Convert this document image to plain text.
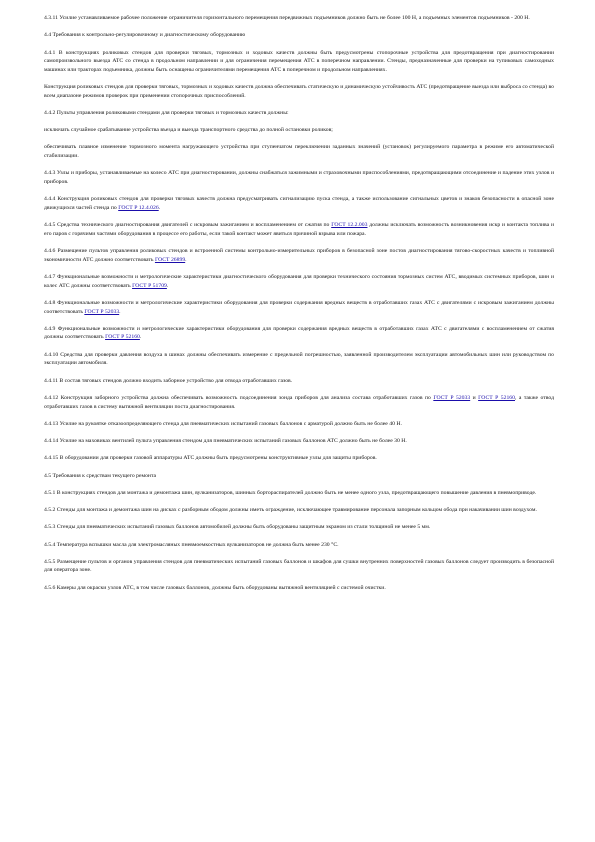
4.3.11 Усилие устанавливаемое рабочее положение ограничителя горизонтального перемещения передвижных подъемников должно быть не более 100 Н, а подъемных элементов подъемников - 200 Н.

4.4 Требования к контрольно-регулировочному и диагностическому оборудованию

4.4.1 В конструкциях роликовых стендов для проверки тяговых, тормозных и ходовых качеств должны быть предусмотрены стопорочные устройства для предотвращения при диагностировании самопроизвольного выезда АТС со стенда в продольном направлении и для ограничения перемещения АТС в поперечном направлении. Стенды, предназначенные для проверки на тупиковых самоходных машинах или тракторах подъемника, должны быть оснащены ограничителями перемещения АТС в поперечном и продольном направлениях.

Конструкция роликовых стендов для проверки тяговых, тормозных и ходовых качеств должна обеспечивать статическую и динамическую устойчивость АТС (предотвращение выезда или выброса со стенда) во всем диапазоне режимов проверок при применении стопорочных приспособлений.

4.4.2 Пульты управления роликовыми стендами для проверки тяговых и тормозных качеств должны:

исключать случайное срабатывание устройства въезда и выезда транспортного средства до полной остановки роликов;

обеспечивать плавное изменение тормозного момента нагружающего устройства при ступенчатом переключении заданных значений (установок) регулируемого параметра в режиме его автоматической стабилизации.

4.4.3 Узлы и приборы, устанавливаемые на колесо АТС при диагностировании, должны снабжаться зажимными и страховочными приспособлениями, предотвращающими отсоединение и падение этих узлов и приборов.

4.4.4 Конструкция роликовых стендов для проверки тяговых качеств должна предусматривать сигнализацию пуска стенда, а также использование сигнальных цветов и знаков безопасности в опасной зоне движущихся частей стенда по ГОСТ Р 12.4.026.

4.4.5 Средства технического диагностирования двигателей с искровым зажиганием и воспламенением от сжатия по ГОСТ 12.2.003 должны исключать возможность возникновения искр и контакта топлива и его паров с горячими частями оборудования в процессе его работы, если такой контакт может явиться причиной взрыва или пожара.

4.4.6 Размещение пультов управления роликовых стендов и встроенной системы контрольно-измерительных приборов в безопасной зоне постов диагностирования тягово-скоростных качеств и топливной экономичности АТС должно соответствовать ГОСТ 26899.

4.4.7 Функциональные возможности и метрологические характеристики диагностического оборудования для проверки технического состояния тормозных систем АТС, вводимых системных приборов, шин и колес АТС должны соответствовать ГОСТ Р 51709.

4.4.8 Функциональные возможности и метрологические характеристики оборудования для проверки содержания вредных веществ в отработавших газах АТС с двигателями с искровым зажиганием должны соответствовать ГОСТ Р 52033.

4.4.9 Функциональные возможности и метрологические характеристики оборудования для проверки содержания вредных веществ в отработавших газах АТС с двигателями с воспламенением от сжатия должны соответствовать ГОСТ Р 52160.

4.4.10 Средства для проверки давления воздуха в шинах должны обеспечивать измерение с предельной погрешностью, заявленной производителем эксплуатации автомобильных шин или руководством по эксплуатации автомобиля.

4.4.11 В состав тяговых стендов должно входить заборное устройство для отвода отработавших газов.

4.4.12 Конструкция заборного устройства должна обеспечивать возможность подсоединения зонда приборов для анализа состава отработавших газов по ГОСТ Р 52033 и ГОСТ Р 52160, а также отвод отработавших газов в систему вытяжной вентиляции поста диагностирования.

4.4.13 Усилие на рукоятке отказоопределяющего стенда для пневматических испытаний газовых баллонов с арматурой должно быть не более 40 Н.

4.4.14 Усилие на маховиках вентилей пульта управления стендом для пневматических испытаний газовых баллонов АТС должно быть не более 30 Н.

4.4.15 В оборудовании для проверки газовой аппаратуры АТС должны быть предусмотрены конструктивные узлы для защиты приборов.

4.5 Требования к средствам текущего ремонта

4.5.1 В конструкциях стендов для монтажа и демонтажа шин, вулканизаторов, шинных бортораспирателей должно быть не менее одного узла, предотвращающего повышение давления в пневмоприводе.

4.5.2 Стенды для монтажа и демонтажа шин на дисках с разборным ободом должны иметь ограждение, исключающее травмирование персонала запорным кольцом обода при накачивании шин воздухом.

4.5.3 Стенды для пневматических испытаний газовых баллонов автомобилей должны быть оборудованы защитным экраном из стали толщиной не менее 5 мм.

4.5.4 Температура вспышки масла для электромасляных пневмоемкостных вулканизаторов не должна быть менее 230 °С.

4.5.5 Размещение пультов и органов управления стендов для пневматических испытаний газовых баллонов и шкафов для сушки внутренних поверхностей газовых баллонов следует производить в безопасной для оператора зоне.

4.5.6 Камеры для окраски узлов АТС, в том числе газовых баллонов, должны быть оборудованы вытяжной вентиляцией с системой очистки.
